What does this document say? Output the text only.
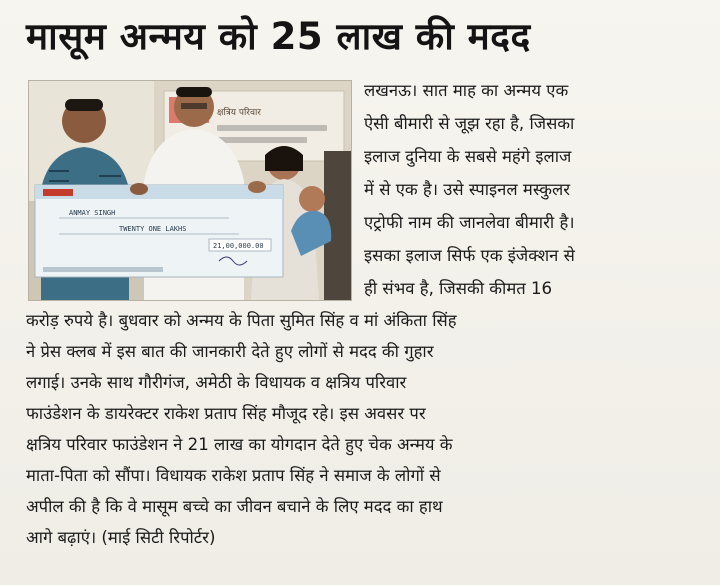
मासूम अन्मय को 25 लाख की मदद
क्षत्रिय परिवार
ANMAY SINGH
TWENTY ONE LAKHS
21,00,000.00
लखनऊ। सात माह का अन्मय एक
ऐसी बीमारी से जूझ रहा है, जिसका
इलाज दुनिया के सबसे महंगे इलाज
में से एक है। उसे स्पाइनल मस्कुलर
एट्रोफी नाम की जानलेवा बीमारी है।
इसका इलाज सिर्फ एक इंजेक्शन से
ही संभव है, जिसकी कीमत 16
करोड़ रुपये है। बुधवार को अन्मय के पिता सुमित सिंह व मां अंकिता सिंह
ने प्रेस क्लब में इस बात की जानकारी देते हुए लोगों से मदद की गुहार
लगाई। उनके साथ गौरीगंज, अमेठी के विधायक व क्षत्रिय परिवार
फाउंडेशन के डायरेक्टर राकेश प्रताप सिंह मौजूद रहे। इस अवसर पर
क्षत्रिय परिवार फाउंडेशन ने 21 लाख का योगदान देते हुए चेक अन्मय के
माता-पिता को सौंपा। विधायक राकेश प्रताप सिंह ने समाज के लोगों से
अपील की है कि वे मासूम बच्चे का जीवन बचाने के लिए मदद का हाथ
आगे बढ़ाएं। (माई सिटी रिपोर्टर)
